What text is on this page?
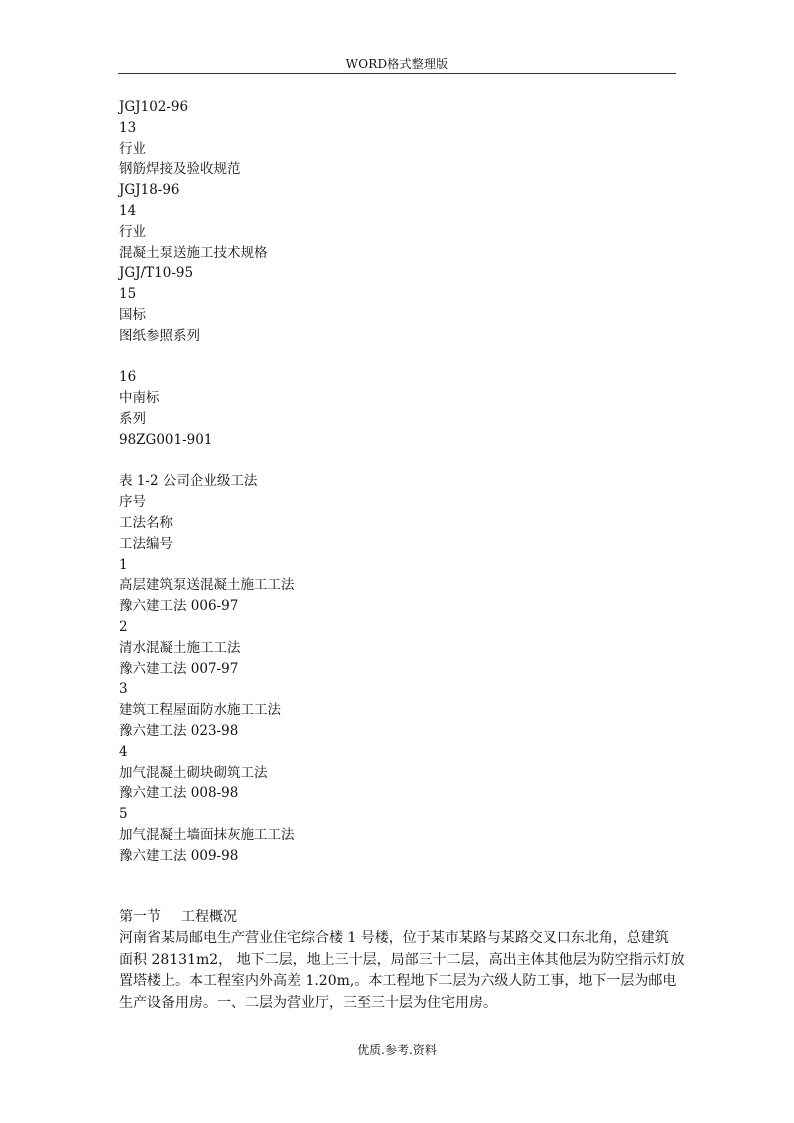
WORD格式整理版
JGJ102-96
13
行业
钢筋焊接及验收规范
JGJ18-96
14
行业
混凝土泵送施工技术规格
JGJ/T10-95
15
国标
图纸参照系列
16
中南标
系列
98ZG001-901
表 1-2 公司企业级工法
序号
工法名称
工法编号
1
高层建筑泵送混凝土施工工法
豫六建工法 006-97
2
清水混凝土施工工法
豫六建工法 007-97
3
建筑工程屋面防水施工工法
豫六建工法 023-98
4
加气混凝土砌块砌筑工法
豫六建工法 008-98
5
加气混凝土墙面抹灰施工工法
豫六建工法 009-98
第一节 工程概况
河南省某局邮电生产营业住宅综合楼 1 号楼，位于某市某路与某路交叉口东北角，总建筑
面积 28131m2， 地下二层，地上三十层，局部三十二层，高出主体其他层为防空指示灯放
置塔楼上。本工程室内外高差 1.20m,。本工程地下二层为六级人防工事，地下一层为邮电
生产设备用房。一、二层为营业厅，三至三十层为住宅用房。
优质.参考.资料
